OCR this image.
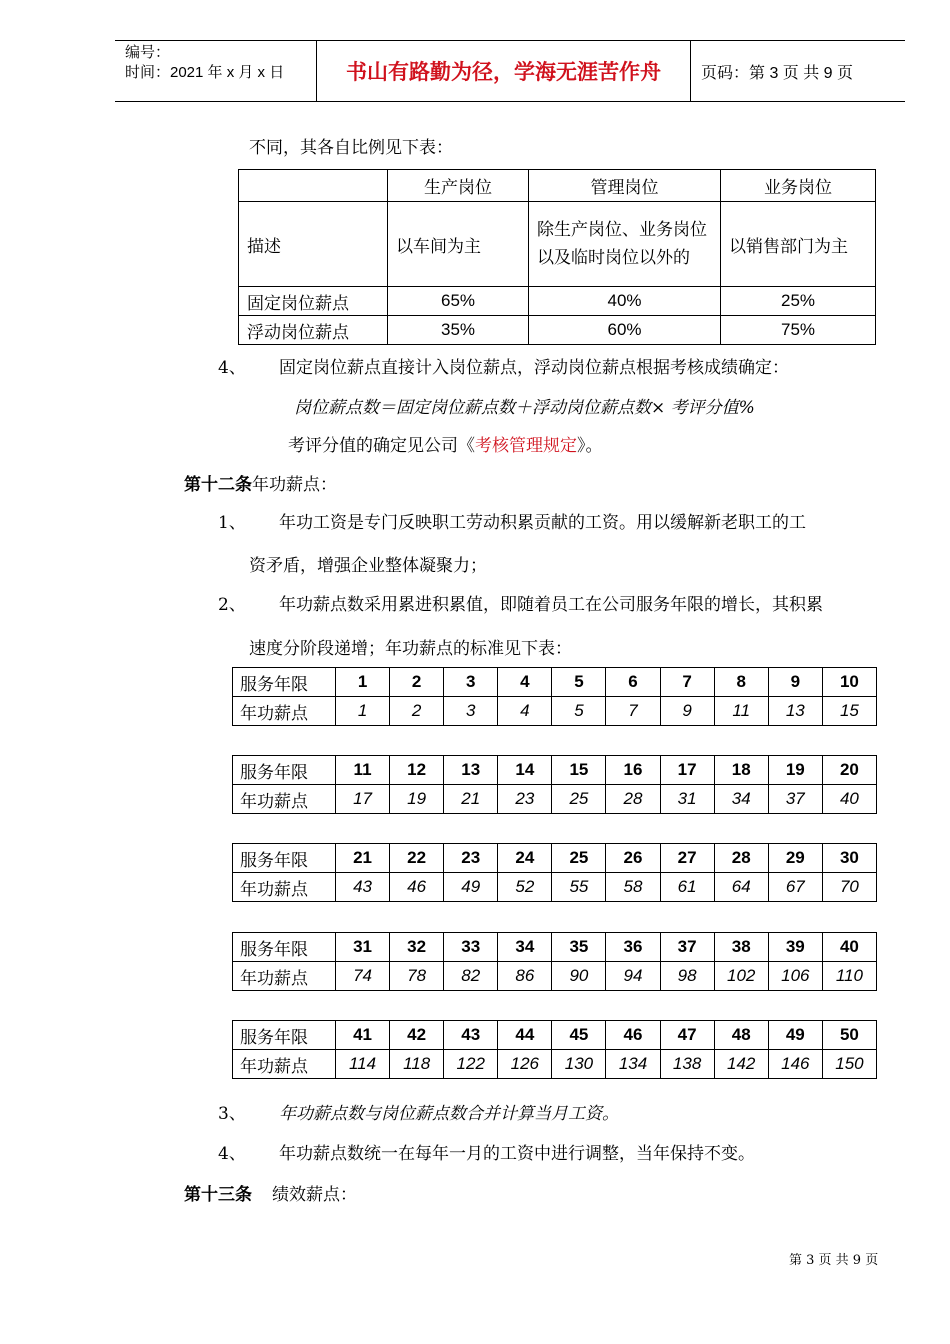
编号：
时间：2021 年 x 月 x 日	书山有路勤为径，学海无涯苦作舟	页码：第 3 页 共 9 页
不同，其各自比例见下表：
	生产岗位	管理岗位	业务岗位
描述	以车间为主	除生产岗位、业务岗位以及临时岗位以外的	以销售部门为主
固定岗位薪点	65%	40%	25%
浮动岗位薪点	35%	60%	75%
4、 固定岗位薪点直接计入岗位薪点，浮动岗位薪点根据考核成绩确定：
岗位薪点数＝固定岗位薪点数＋浮动岗位薪点数× 考评分值%
考评分值的确定见公司《考核管理规定》。
第十二条年功薪点：
1、 年功工资是专门反映职工劳动积累贡献的工资。用以缓解新老职工的工
资矛盾，增强企业整体凝聚力；
2、 年功薪点数采用累进积累值，即随着员工在公司服务年限的增长，其积累
速度分阶段递增；年功薪点的标准见下表：
服务年限	1	2	3	4	5	6	7	8	9	10
年功薪点	1	2	3	4	5	7	9	11	13	15
服务年限	11	12	13	14	15	16	17	18	19	20
年功薪点	17	19	21	23	25	28	31	34	37	40
服务年限	21	22	23	24	25	26	27	28	29	30
年功薪点	43	46	49	52	55	58	61	64	67	70
服务年限	31	32	33	34	35	36	37	38	39	40
年功薪点	74	78	82	86	90	94	98	102	106	110
服务年限	41	42	43	44	45	46	47	48	49	50
年功薪点	114	118	122	126	130	134	138	142	146	150
3、 年功薪点数与岗位薪点数合并计算当月工资。
4、 年功薪点数统一在每年一月的工资中进行调整，当年保持不变。
第十三条 绩效薪点：
第 3 页 共 9 页
